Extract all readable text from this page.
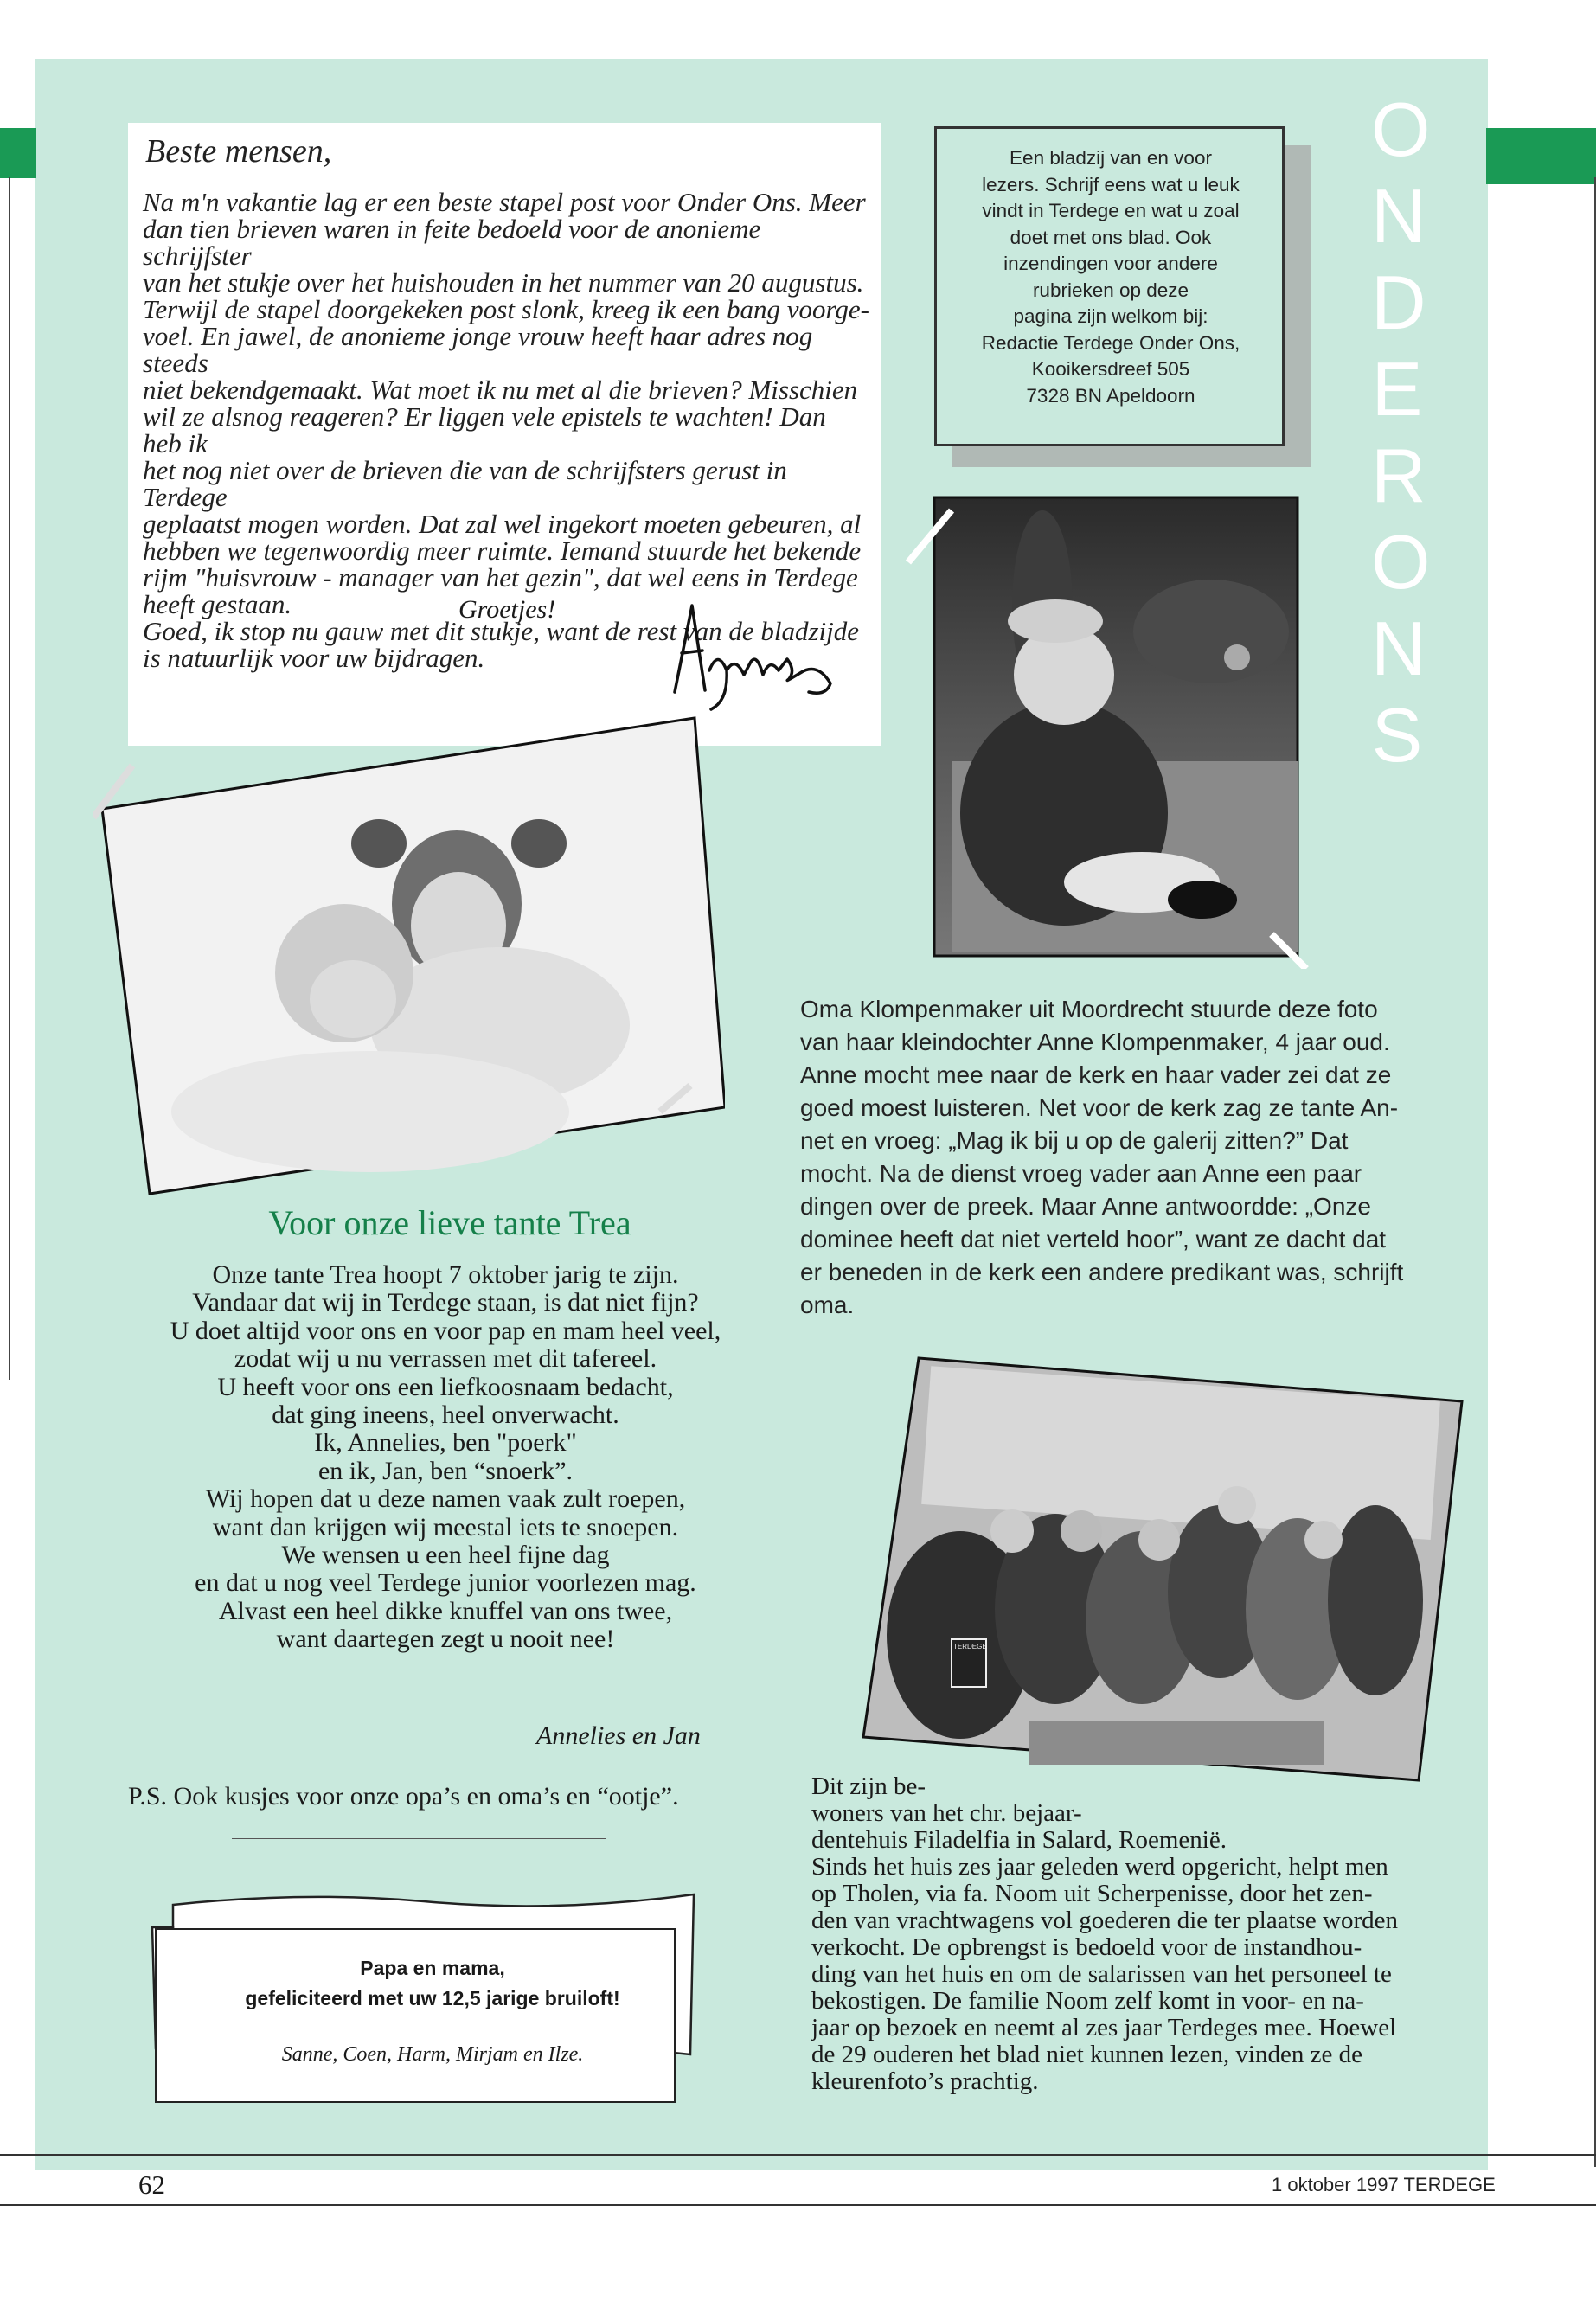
Beste mensen,
Na m'n vakantie lag er een beste stapel post voor Onder Ons. Meer
dan tien brieven waren in feite bedoeld voor de anonieme schrijfster
van het stukje over het huishouden in het nummer van 20 augustus.
Terwijl de stapel doorgekeken post slonk, kreeg ik een bang voorge-
voel. En jawel, de anonieme jonge vrouw heeft haar adres nog steeds
niet bekendgemaakt. Wat moet ik nu met al die brieven? Misschien
wil ze alsnog reageren? Er liggen vele epistels te wachten! Dan heb ik
het nog niet over de brieven die van de schrijfsters gerust in Terdege
geplaatst mogen worden. Dat zal wel ingekort moeten gebeuren, al
hebben we tegenwoordig meer ruimte. Iemand stuurde het bekende
rijm "huisvrouw - manager van het gezin", dat wel eens in Terdege
heeft gestaan.
Goed, ik stop nu gauw met dit stukje, want de rest van de bladzijde
is natuurlijk voor uw bijdragen.
Groetjes!
Een bladzij van en voor
lezers. Schrijf eens wat u leuk
vindt in Terdege en wat u zoal
doet met ons blad. Ook
inzendingen voor andere
rubrieken op deze
pagina zijn welkom bij:
Redactie Terdege Onder Ons,
Kooikersdreef 505
7328 BN Apeldoorn
O
N
D
E
R
O
N
S
Oma Klompenmaker uit Moordrecht stuurde deze foto
van haar kleindochter Anne Klompenmaker, 4 jaar oud.
Anne mocht mee naar de kerk en haar vader zei dat ze
goed moest luisteren. Net voor de kerk zag ze tante An-
net en vroeg: „Mag ik bij u op de galerij zitten?” Dat
mocht. Na de dienst vroeg vader aan Anne een paar
dingen over de preek. Maar Anne antwoordde: „Onze
dominee heeft dat niet verteld hoor”, want ze dacht dat
er beneden in de kerk een andere predikant was, schrijft
oma.
Voor onze lieve tante Trea
Onze tante Trea hoopt 7 oktober jarig te zijn.
Vandaar dat wij in Terdege staan, is dat niet fijn?
U doet altijd voor ons en voor pap en mam heel veel,
zodat wij u nu verrassen met dit tafereel.
U heeft voor ons een liefkoosnaam bedacht,
dat ging ineens, heel onverwacht.
Ik, Annelies, ben "poerk"
en ik, Jan, ben “snoerk”.
Wij hopen dat u deze namen vaak zult roepen,
want dan krijgen wij meestal iets te snoepen.
We wensen u een heel fijne dag
en dat u nog veel Terdege junior voorlezen mag.
Alvast een heel dikke knuffel van ons twee,
want daartegen zegt u nooit nee!
Annelies en Jan
P.S. Ook kusjes voor onze opa’s en oma’s en “ootje”.
Papa en mama,
gefeliciteerd met uw 12,5 jarige bruiloft!
Sanne, Coen, Harm, Mirjam en Ilze.
TERDEGE
Dit zijn be-
woners van het chr. bejaar-
dentehuis Filadelfia in Salard, Roemenië.
Sinds het huis zes jaar geleden werd opgericht, helpt men
op Tholen, via fa. Noom uit Scherpenisse, door het zen-
den van vrachtwagens vol goederen die ter plaatse worden
verkocht. De opbrengst is bedoeld voor de instandhou-
ding van het huis en om de salarissen van het personeel te
bekostigen. De familie Noom zelf komt in voor- en na-
jaar op bezoek en neemt al zes jaar Terdeges mee. Hoewel
de 29 ouderen het blad niet kunnen lezen, vinden ze de
kleurenfoto’s prachtig.
62	1 oktober 1997 TERDEGE
